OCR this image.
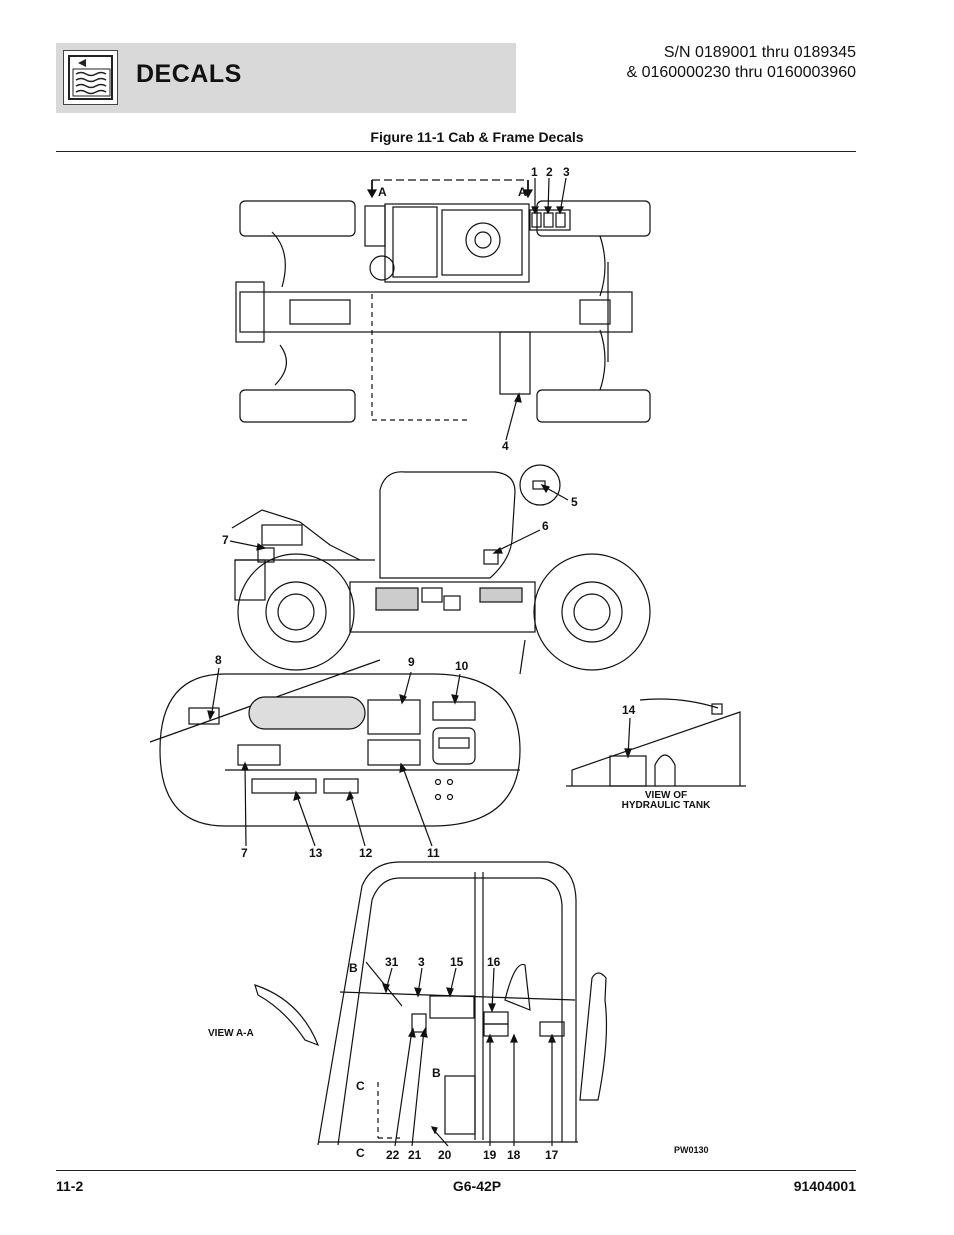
DECALS
S/N 0189001 thru 0189345
& 0160000230 thru 0160003960
Figure 11-1 Cab & Frame Decals
A	A
1 2 3
4
5
6
7
8	9	10
7	13	12	11
14
VIEW OF
HYDRAULIC TANK
B
B
C
C
31 3 15 16
22 21 20	19 18 17
VIEW A-A
PW0130
11-2	G6-42P	91404001
